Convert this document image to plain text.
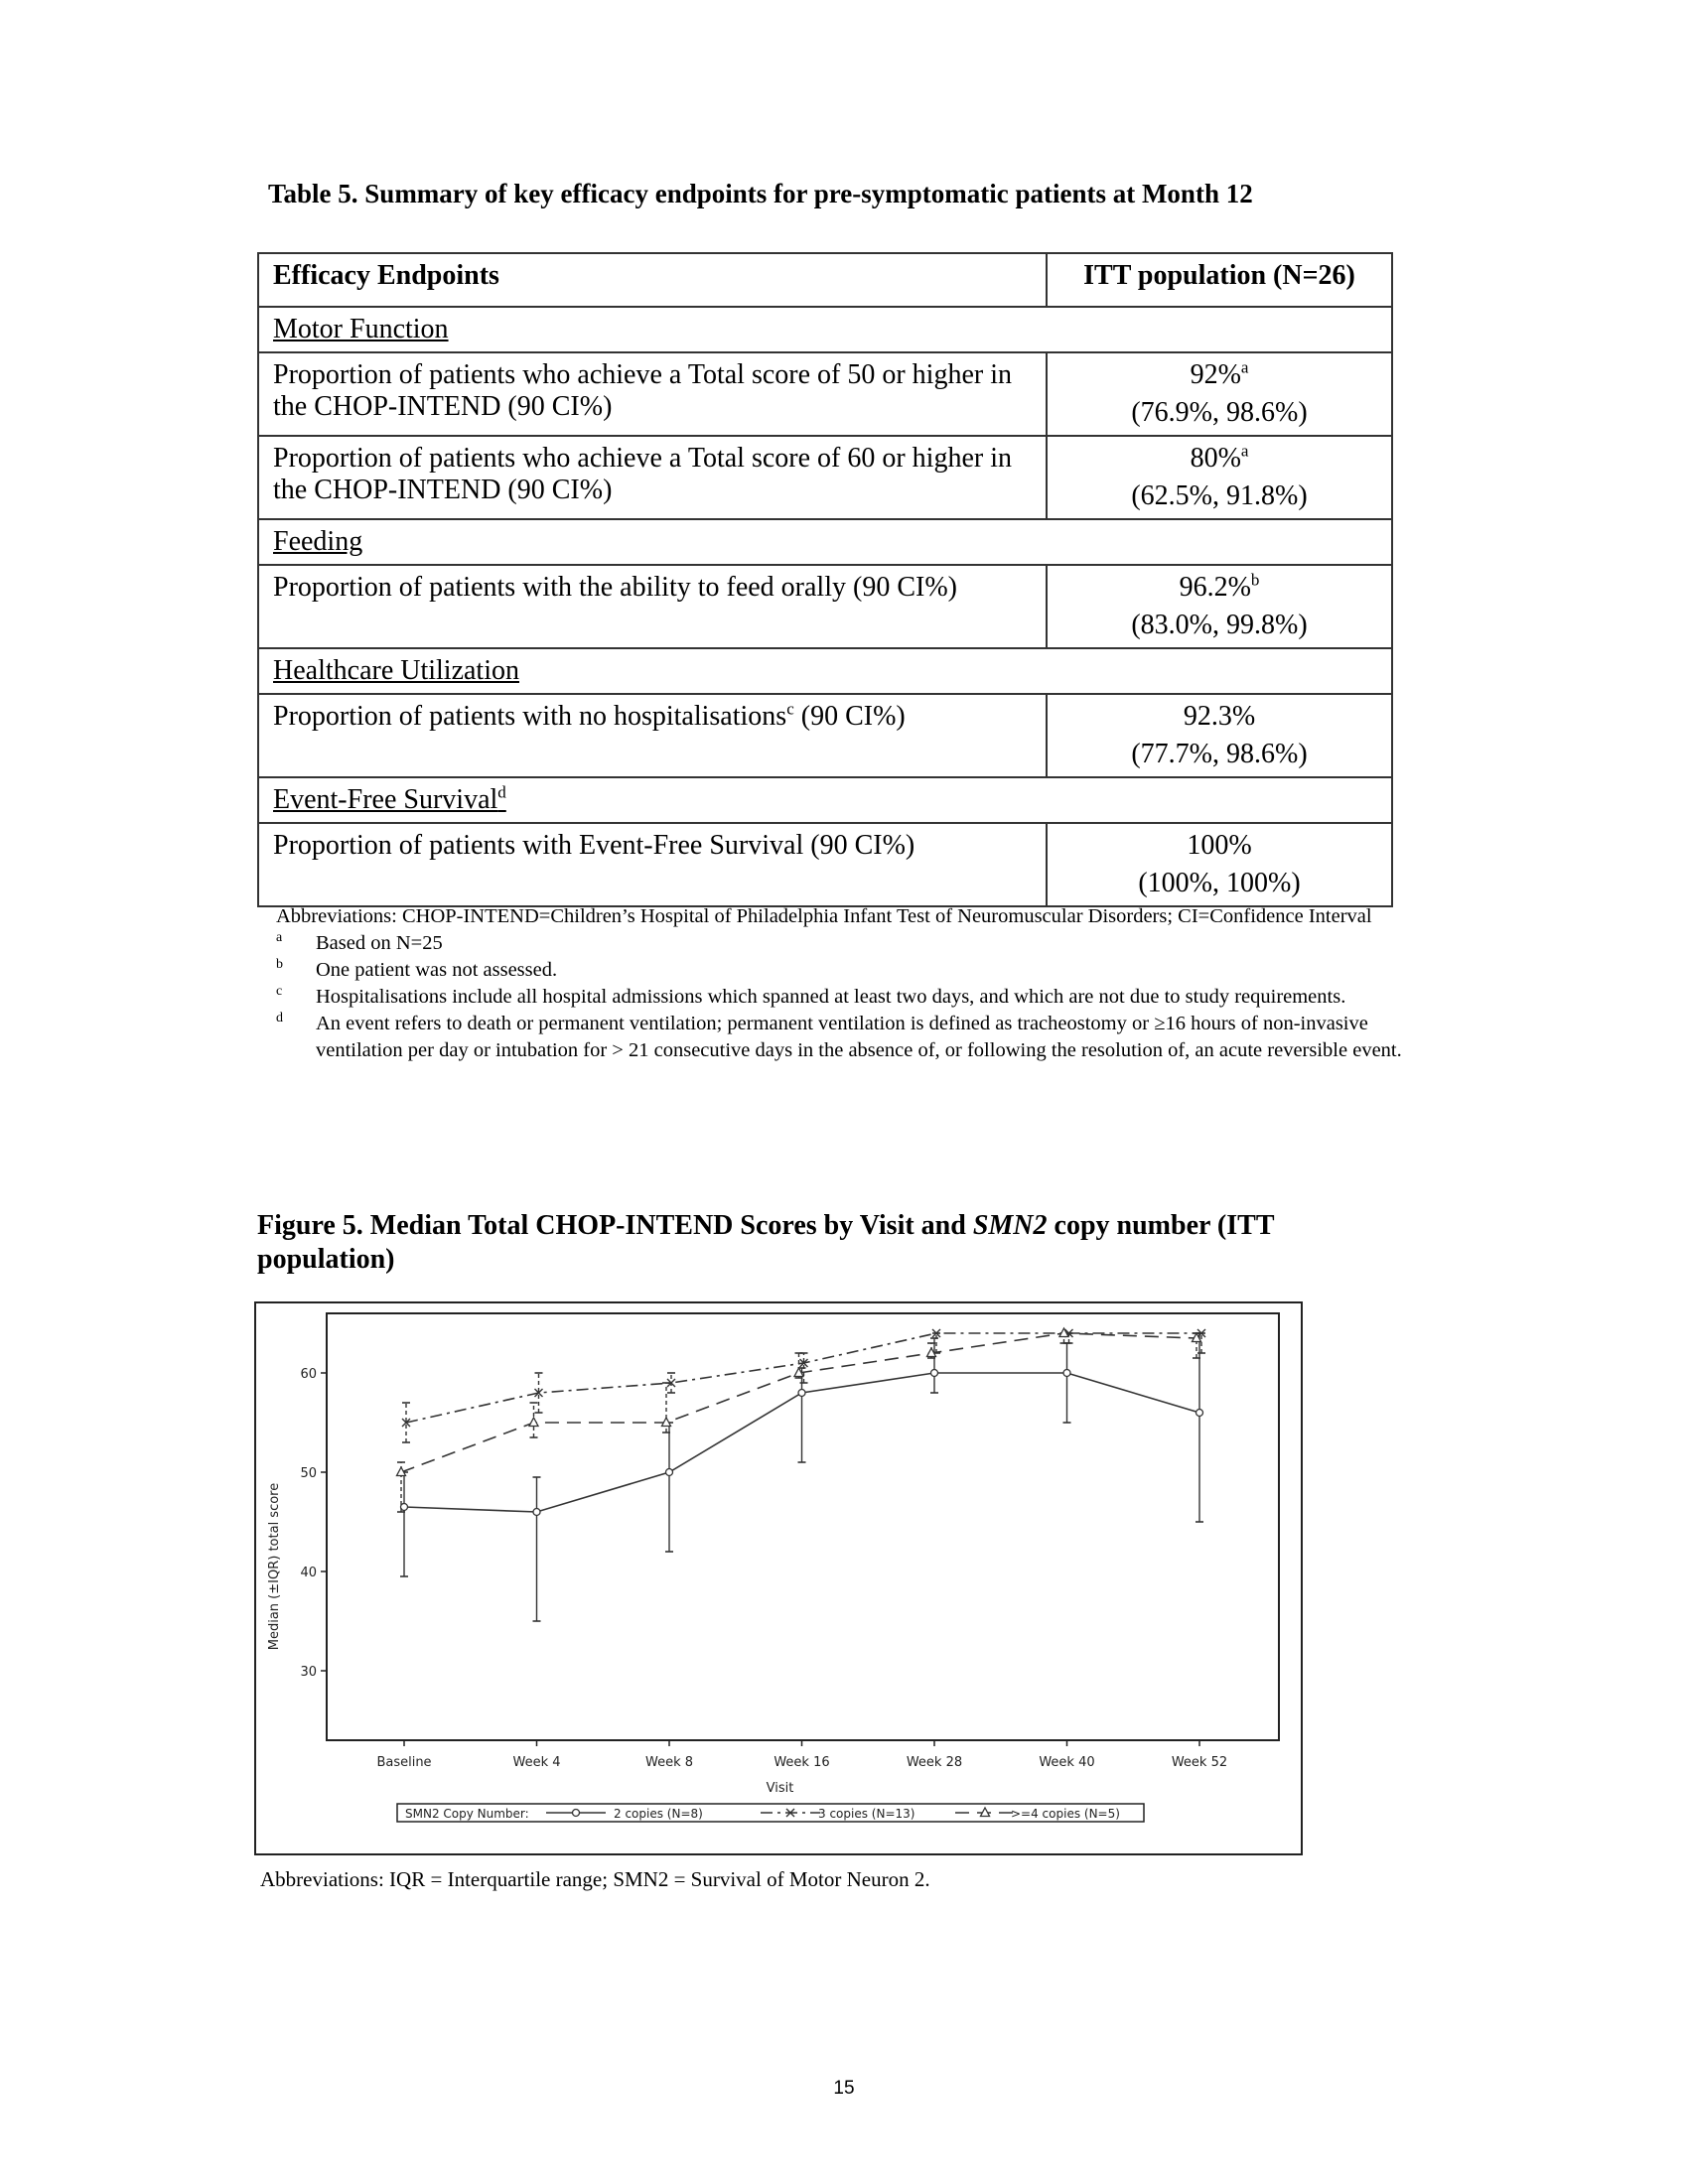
Table 5. Summary of key efficacy endpoints for pre-symptomatic patients at Month 12
Efficacy Endpoints	ITT population (N=26)
Motor Function	
Proportion of patients who achieve a Total score of 50 or higher in the CHOP-INTEND (90 CI%)	92%$^a$
(76.9%, 98.6%)

Proportion of patients who achieve a Total score of 60 or higher in the CHOP-INTEND (90 CI%)	80%$^a$
(62.5%, 91.8%)

Feeding	
Proportion of patients with the ability to feed orally (90 CI%)	96.2%$^b$
(83.0%, 99.8%)

Healthcare Utilization	
Proportion of patients with no hospitalisations$^c$ (90 CI%)	92.3%
(77.7%, 98.6%)

Event-Free Survival$^d$
Proportion of patients with Event-Free Survival (90 CI%)	100%
(100%, 100%)
Abbreviations: CHOP-INTEND=Children’s Hospital of Philadelphia Infant Test of Neuromuscular Disorders; CI=Confidence Interval
a	Based on N=25
b	One patient was not assessed.
c	Hospitalisations include all hospital admissions which spanned at least two days, and which are not due to study requirements.
d	An event refers to death or permanent ventilation; permanent ventilation is defined as tracheostomy or ≥16 hours of non-invasive ventilation per day or intubation for > 21 consecutive days in the absence of, or following the resolution of, an acute reversible event.
Figure 5. Median Total CHOP-INTEND Scores by Visit and SMN2 copy number (ITT population)
30
40
50
60
Baseline	Week 4	Week 8	Week 16	Week 28	Week 40	Week 52
Visit
Median (±IQR) total score
SMN2 Copy Number:	2 copies (N=8)	3 copies (N=13)	>=4 copies (N=5)
Abbreviations: IQR = Interquartile range; SMN2 = Survival of Motor Neuron 2.
15
